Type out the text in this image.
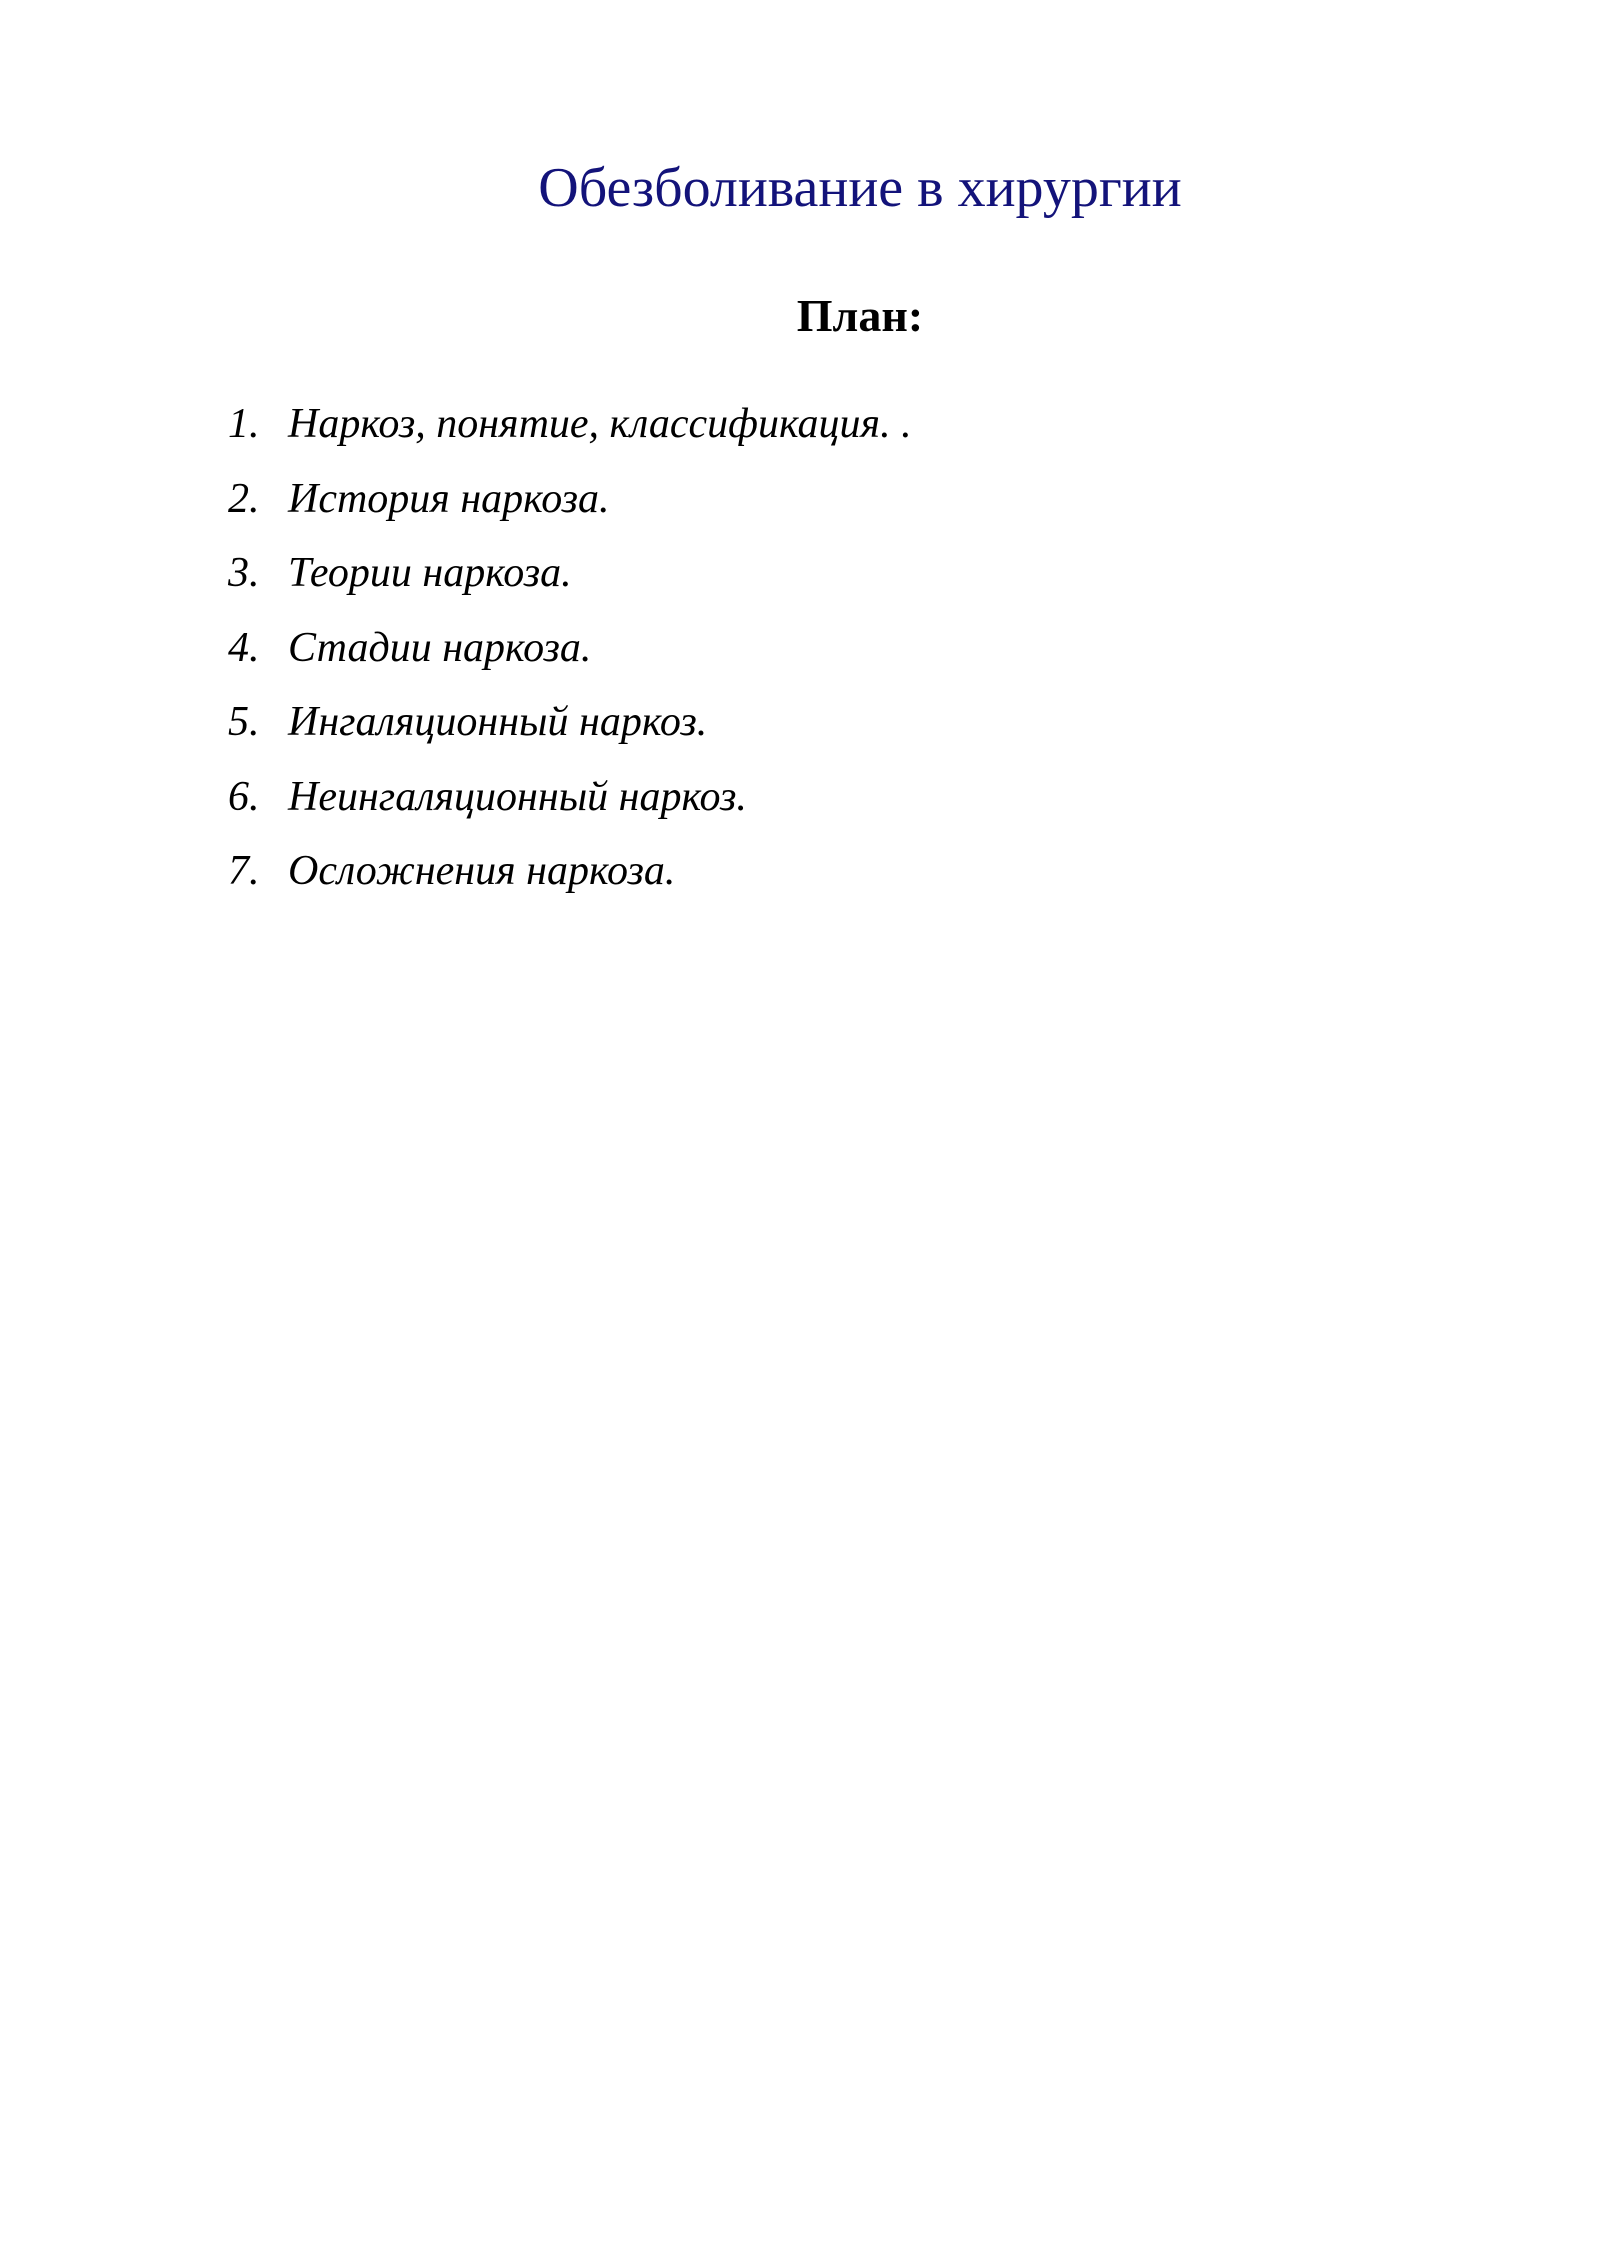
Обезболивание в хирургии
План:
1. Наркоз, понятие, классификация. .
2. История наркоза.
3. Теории наркоза.
4. Стадии наркоза.
5. Ингаляционный наркоз.
6. Неингаляционный наркоз.
7. Осложнения наркоза.
